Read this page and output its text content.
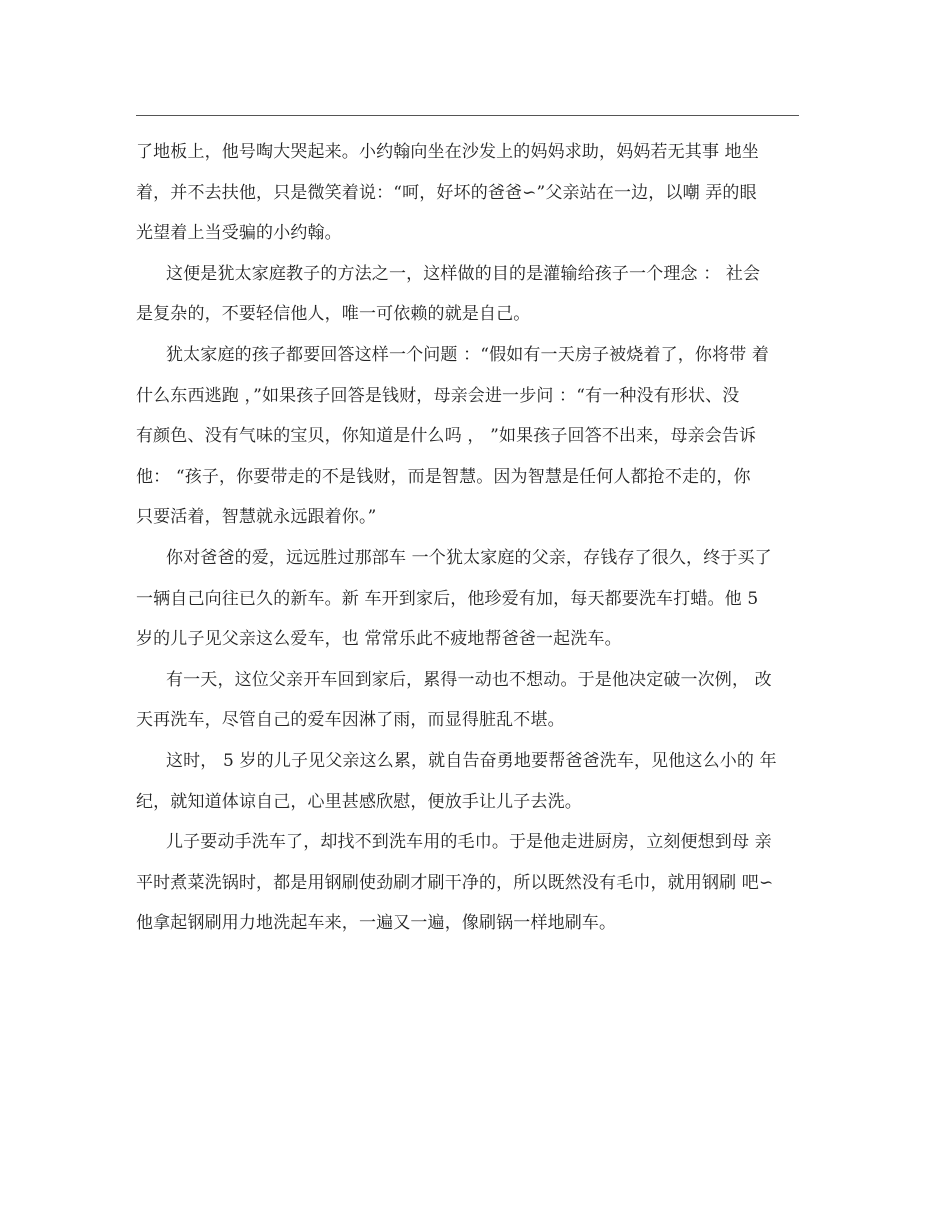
了地板上，他号啕大哭起来。小约翰向坐在沙发上的妈妈求助，妈妈若无其事 地坐
着，并不去扶他，只是微笑着说：“呵，好坏的爸爸∽”父亲站在一边，以嘲 弄的眼
光望着上当受骗的小约翰。
这便是犹太家庭教子的方法之一，这样做的目的是灌输给孩子一个理念 ： 社会
是复杂的，不要轻信他人，唯一可依赖的就是自己。
犹太家庭的孩子都要回答这样一个问题 ：“假如有一天房子被烧着了，你将带 着
什么东西逃跑 ，”如果孩子回答是钱财，母亲会进一步问 ：“有一种没有形状、没
有颜色、没有气味的宝贝，你知道是什么吗 ， ”如果孩子回答不出来，母亲会告诉
他： “孩子，你要带走的不是钱财，而是智慧。因为智慧是任何人都抢不走的，你
只要活着，智慧就永远跟着你。”
你对爸爸的爱，远远胜过那部车 一个犹太家庭的父亲，存钱存了很久，终于买了
一辆自己向往已久的新车。新 车开到家后，他珍爱有加，每天都要洗车打蜡。他 5
岁的儿子见父亲这么爱车，也 常常乐此不疲地帮爸爸一起洗车。
有一天，这位父亲开车回到家后，累得一动也不想动。于是他决定破一次例， 改
天再洗车，尽管自己的爱车因淋了雨，而显得脏乱不堪。
这时， 5 岁的儿子见父亲这么累，就自告奋勇地要帮爸爸洗车，见他这么小的 年
纪，就知道体谅自己，心里甚感欣慰，便放手让儿子去洗。
儿子要动手洗车了，却找不到洗车用的毛巾。于是他走进厨房，立刻便想到母 亲
平时煮菜洗锅时，都是用钢刷使劲刷才刷干净的，所以既然没有毛巾，就用钢刷 吧∽
他拿起钢刷用力地洗起车来，一遍又一遍，像刷锅一样地刷车。
